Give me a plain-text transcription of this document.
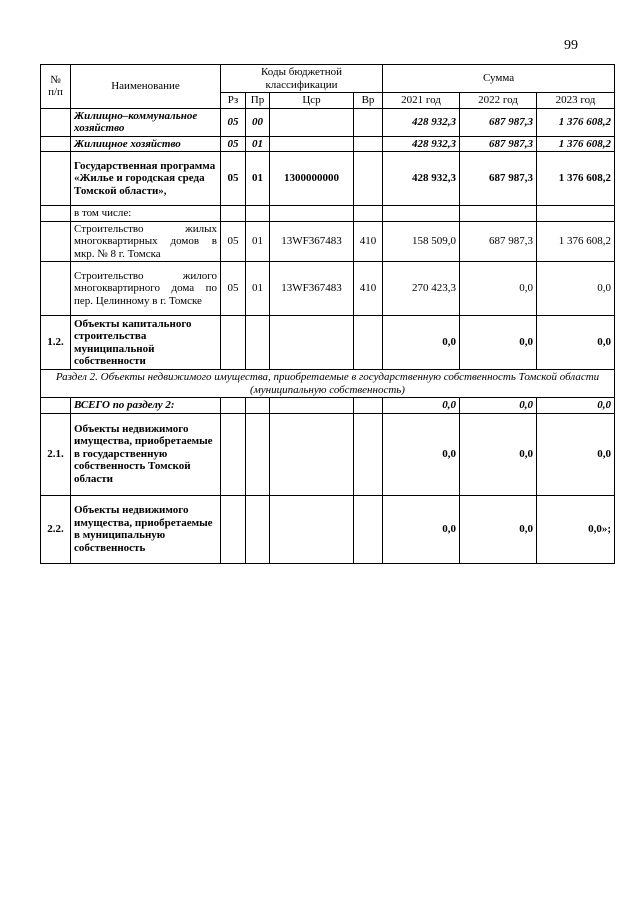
99
№
п/п	Наименование	Коды бюджетной классификации				Сумма		
		Рз	Пр	Цср	Вр	2021 год	2022 год	2023 год
	Жилищно–коммунальное хозяйство	05	00			428 932,3	687 987,3	1 376 608,2
	Жилищное хозяйство	05	01			428 932,3	687 987,3	1 376 608,2
	Государственная программа «Жилье и городская среда Томской области»,	05	01	1300000000		428 932,3	687 987,3	1 376 608,2
	в том числе:							
	Строительство жилых многоквартирных домов в мкр. № 8 г. Томска	05	01	13WF367483	410	158 509,0	687 987,3	1 376 608,2
	Строительство жилого многоквартирного дома по пер. Целинному в г. Томске	05	01	13WF367483	410	270 423,3	0,0	0,0
1.2.	Объекты капитального строительства муниципальной собственности					0,0	0,0	0,0
Раздел 2. Объекты недвижимого имущества, приобретаемые в государственную собственность Томской области (муниципальную собственность)								
	ВСЕГО по разделу 2:					0,0	0,0	0,0
2.1.	Объекты недвижимого имущества, приобретаемые в государственную собственность Томской области					0,0	0,0	0,0
2.2.	Объекты недвижимого имущества, приобретаемые в муниципальную собственность					0,0	0,0	0,0»;
